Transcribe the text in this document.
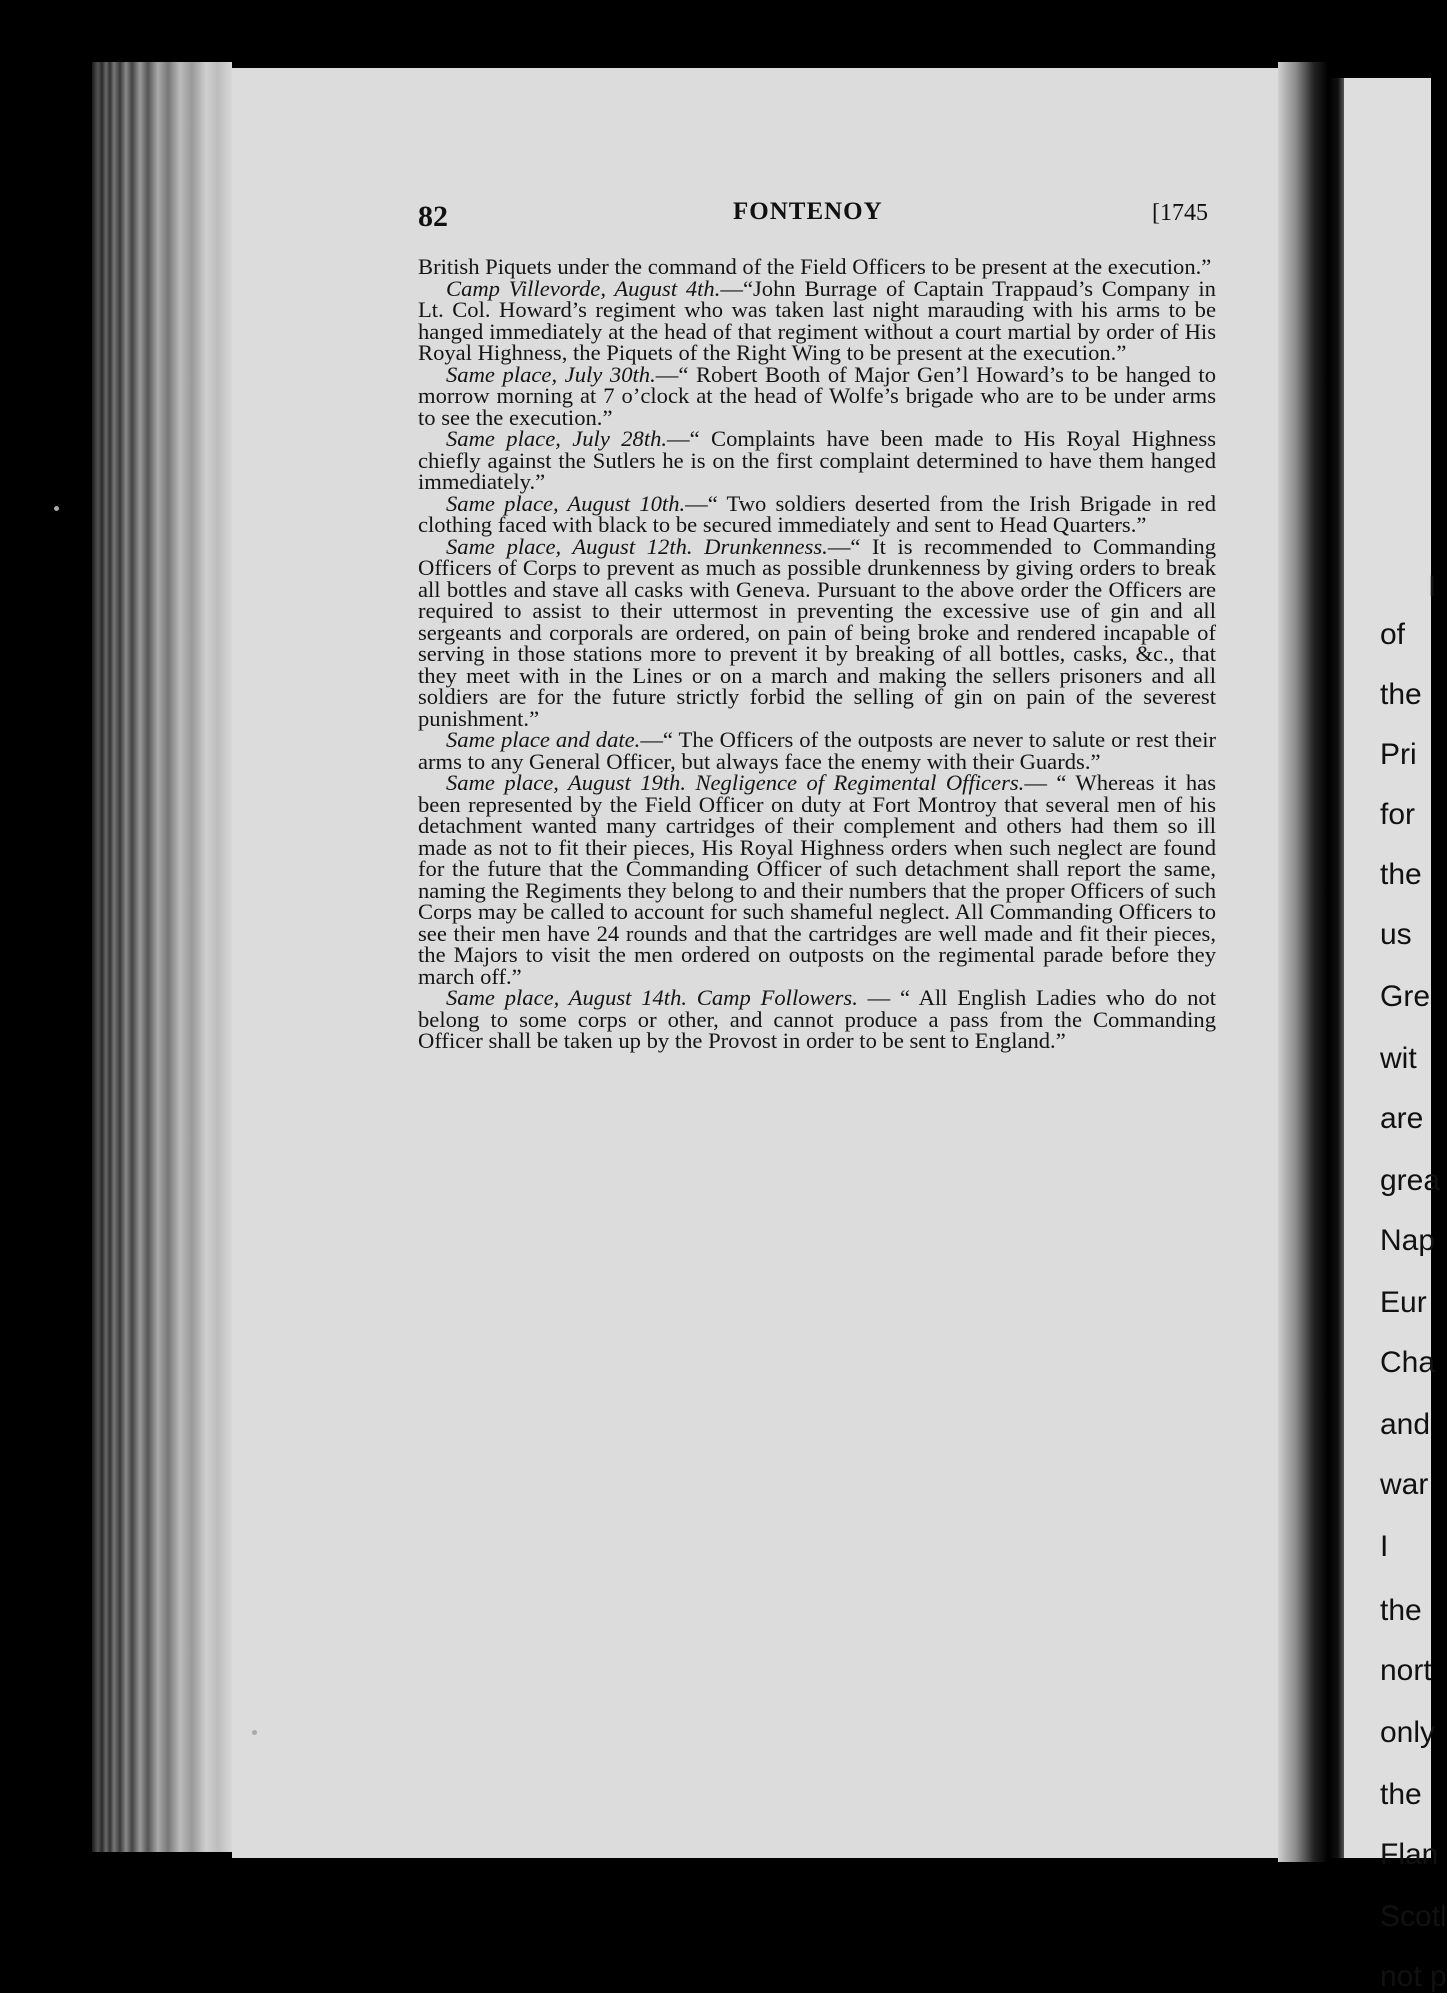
I
of
the
Pri
for
the
us
Gre
wit
are
grea
Nap
Eur
Cha
and
war
I
the
nort
only
the
Flan
Scotl
not p
82	FONTENOY	[1745

British Piquets under the command of the Field Officers to be present at the execution.”

Camp Villevorde, August 4th.—“John Burrage of Captain Trappaud’s Company in Lt. Col. Howard’s regiment who was taken last night marauding with his arms to be hanged immediately at the head of that regiment without a court martial by order of His Royal Highness, the Piquets of the Right Wing to be present at the execution.”

Same place, July 30th.—“ Robert Booth of Major Gen’l Howard’s to be hanged to morrow morning at 7 o’clock at the head of Wolfe’s brigade who are to be under arms to see the execution.”

Same place, July 28th.—“ Complaints have been made to His Royal Highness chiefly against the Sutlers he is on the first complaint determined to have them hanged immediately.”

Same place, August 10th.—“ Two soldiers deserted from the Irish Brigade in red clothing faced with black to be secured immediately and sent to Head Quarters.”

Same place, August 12th. Drunkenness.—“ It is recommended to Commanding Officers of Corps to prevent as much as possible drunkenness by giving orders to break all bottles and stave all casks with Geneva. Pursuant to the above order the Officers are required to assist to their uttermost in preventing the excessive use of gin and all sergeants and corporals are ordered, on pain of being broke and rendered incapable of serving in those stations more to prevent it by breaking of all bottles, casks, &c., that they meet with in the Lines or on a march and making the sellers prisoners and all soldiers are for the future strictly forbid the selling of gin on pain of the severest punishment.”

Same place and date.—“ The Officers of the outposts are never to salute or rest their arms to any General Officer, but always face the enemy with their Guards.”

Same place, August 19th. Negligence of Regimental Officers.— “ Whereas it has been represented by the Field Officer on duty at Fort Montroy that several men of his detachment wanted many cartridges of their complement and others had them so ill made as not to fit their pieces, His Royal Highness orders when such neglect are found for the future that the Commanding Officer of such detachment shall report the same, naming the Regiments they belong to and their numbers that the proper Officers of such Corps may be called to account for such shameful neglect. All Commanding Officers to see their men have 24 rounds and that the cartridges are well made and fit their pieces, the Majors to visit the men ordered on outposts on the regimental parade before they march off.”

Same place, August 14th. Camp Followers. — “ All English Ladies who do not belong to some corps or other, and cannot produce a pass from the Commanding Officer shall be taken up by the Provost in order to be sent to England.”
